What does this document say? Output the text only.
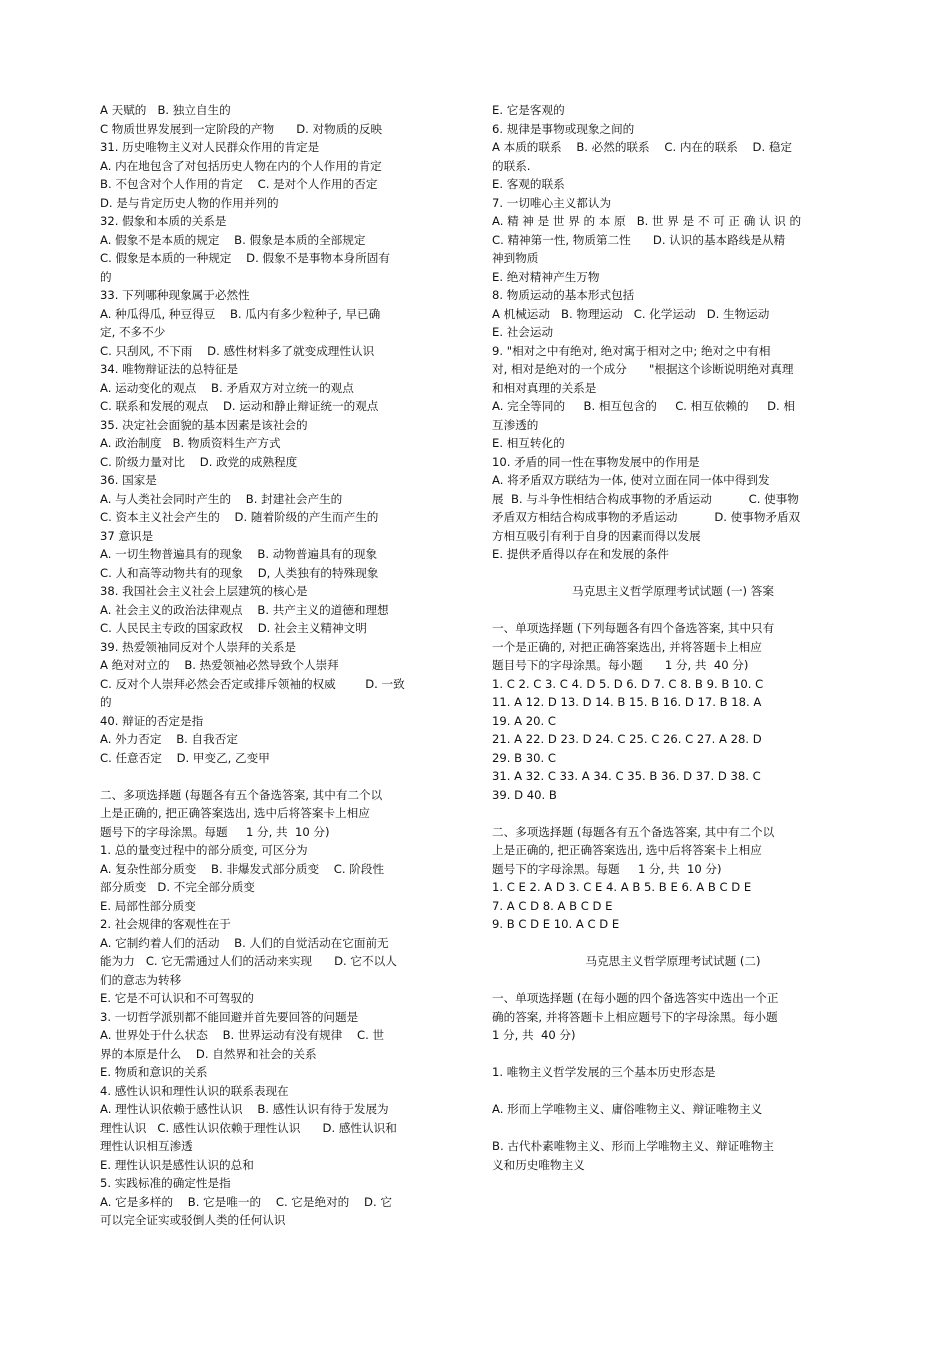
A 天赋的   B. 独立自生的
C 物质世界发展到一定阶段的产物      D. 对物质的反映
31. 历史唯物主义对人民群众作用的肯定是
A. 内在地包含了对包括历史人物在内的个人作用的肯定
B. 不包含对个人作用的肯定    C. 是对个人作用的否定
D. 是与肯定历史人物的作用并列的
32. 假象和本质的关系是
A. 假象不是本质的规定    B. 假象是本质的全部规定
C. 假象是本质的一种规定    D. 假象不是事物本身所固有
的
33. 下列哪种现象属于必然性
A. 种瓜得瓜, 种豆得豆    B. 瓜内有多少粒种子, 早已确
定, 不多不少
C. 只刮风, 不下雨    D. 感性材料多了就变成理性认识
34. 唯物辩证法的总特征是
A. 运动变化的观点    B. 矛盾双方对立统一的观点
C. 联系和发展的观点    D. 运动和静止辩证统一的观点
35. 决定社会面貌的基本因素是该社会的
A. 政治制度   B. 物质资料生产方式
C. 阶级力量对比    D. 政党的成熟程度
36. 国家是
A. 与人类社会同时产生的    B. 封建社会产生的
C. 资本主义社会产生的    D. 随着阶级的产生而产生的
37 意识是
A. 一切生物普遍具有的现象    B. 动物普遍具有的现象
C. 人和高等动物共有的现象    D, 人类独有的特殊现象
38. 我国社会主义社会上层建筑的核心是
A. 社会主义的政治法律观点    B. 共产主义的道德和理想
C. 人民民主专政的国家政权    D. 社会主义精神文明
39. 热爱领袖同反对个人崇拜的关系是
A 绝对对立的    B. 热爱领袖必然导致个人崇拜
C. 反对个人崇拜必然会否定或排斥领袖的权威        D. 一致
的
40. 辩证的否定是指
A. 外力否定    B. 自我否定
C. 任意否定    D. 甲变乙, 乙变甲
二、多项选择题 (每题各有五个备选答案, 其中有二个以
上是正确的, 把正确答案选出, 选中后将答案卡上相应
题号下的字母涂黑。每题     1 分, 共  10 分)
1. 总的量变过程中的部分质变, 可区分为
A. 复杂性部分质变    B. 非爆发式部分质变    C. 阶段性
部分质变   D. 不完全部分质变
E. 局部性部分质变
2. 社会规律的客观性在于
A. 它制约着人们的活动    B. 人们的自觉活动在它面前无
能为力   C. 它无需通过人们的活动来实现      D. 它不以人
们的意志为转移
E. 它是不可认识和不可驾驭的
3. 一切哲学派别都不能回避并首先要回答的问题是
A. 世界处于什么状态    B. 世界运动有没有规律    C. 世
界的本原是什么    D. 自然界和社会的关系
E. 物质和意识的关系
4. 感性认识和理性认识的联系表现在
A. 理性认识依赖于感性认识    B. 感性认识有待于发展为
理性认识   C. 感性认识依赖于理性认识      D. 感性认识和
理性认识相互渗透
E. 理性认识是感性认识的总和
5. 实践标准的确定性是指
A. 它是多样的    B. 它是唯一的    C. 它是绝对的    D. 它
可以完全证实或驳倒人类的任何认识
E. 它是客观的
6. 规律是事物或现象之间的
A 本质的联系    B. 必然的联系    C. 内在的联系    D. 稳定
的联系.
E. 客观的联系
7. 一切唯心主义都认为
A. 精 神 是 世 界 的 本 原   B. 世 界 是 不 可 正 确 认 识 的
C. 精神第一性, 物质第二性      D. 认识的基本路线是从精
神到物质
E. 绝对精神产生万物
8. 物质运动的基本形式包括
A 机械运动   B. 物理运动   C. 化学运动   D. 生物运动
E. 社会运动
9. "相对之中有绝对, 绝对寓于相对之中; 绝对之中有相
对, 相对是绝对的一个成分      "根据这个诊断说明绝对真理
和相对真理的关系是
A. 完全等同的     B. 相互包含的     C. 相互依赖的     D. 相
互渗透的
E. 相互转化的
10. 矛盾的同一性在事物发展中的作用是
A. 将矛盾双方联结为一体, 使对立面在同一体中得到发
展  B. 与斗争性相结合构成事物的矛盾运动          C. 使事物
矛盾双方相结合构成事物的矛盾运动          D. 使事物矛盾双
方相互吸引有利于自身的因素而得以发展
E. 提供矛盾得以存在和发展的条件
马克思主义哲学原理考试试题 (一) 答案
一、单项选择题 (下列每题各有四个备选答案, 其中只有
一个是正确的, 对把正确答案选出, 并将答题卡上相应
题目号下的字母涂黑。每小题      1 分, 共  40 分)
1. C 2. C 3. C 4. D 5. D 6. D 7. C 8. B 9. B 10. C
11. A 12. D 13. D 14. B 15. B 16. D 17. B 18. A
19. A 20. C
21. A 22. D 23. D 24. C 25. C 26. C 27. A 28. D
29. B 30. C
31. A 32. C 33. A 34. C 35. B 36. D 37. D 38. C
39. D 40. B
二、多项选择题 (每题各有五个备选答案, 其中有二个以
上是正确的, 把正确答案选出, 选中后将答案卡上相应
题号下的字母涂黑。每题     1 分, 共  10 分)
1. C E 2. A D 3. C E 4. A B 5. B E 6. A B C D E
7. A C D 8. A B C D E
9. B C D E 10. A C D E
马克思主义哲学原理考试试题 (二)
一、单项选择题 (在每小题的四个备选答实中选出一个正
确的答案, 并将答题卡上相应题号下的字母涂黑。每小题
1 分, 共  40 分)
1. 唯物主义哲学发展的三个基本历史形态是
A. 形而上学唯物主义、庸俗唯物主义、辩证唯物主义
B. 古代朴素唯物主义、形而上学唯物主义、辩证唯物主
义和历史唯物主义
